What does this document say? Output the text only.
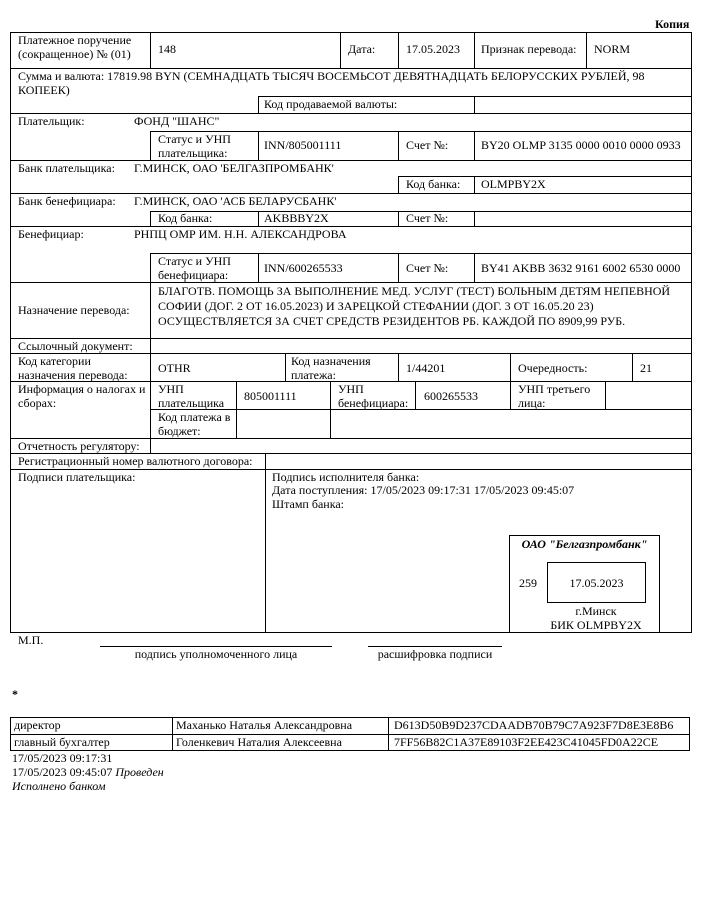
Копия
Платежное поручение (сокращенное) № (01)	148	Дата:	17.05.2023 Признак перевода: NORM
Сумма и валюта: 17819.98 BYN (СЕМНАДЦАТЬ ТЫСЯЧ ВОСЕМЬСОТ ДЕВЯТНАДЦАТЬ БЕЛОРУССКИХ РУБЛЕЙ, 98 КОПЕЕК)
Код продаваемой валюты:
Плательщик:	ФОНД "ШАНС"
Статус и УНП плательщика:
INN/805001111	Счет №:	BY20 OLMP 3135 0000 0010 0000 0933
Банк плательщика: Г.МИНСК, ОАО 'БЕЛГАЗПРОМБАНК'
Код банка: OLMPBY2X
Банк бенефициара: Г.МИНСК, ОАО 'АСБ БЕЛАРУСБАНК'
Код банка:	AKBBBY2X	Счет №:
Бенефициар:	РНПЦ ОМР ИМ. Н.Н. АЛЕКСАНДРОВА
Статус и УНП бенефициара:	INN/600265533	Счет №:	BY41 AKBB 3632 9161 6002 6530 0000
Назначение перевода:
БЛАГОТВ. ПОМОЩЬ ЗА ВЫПОЛНЕНИЕ МЕД. УСЛУГ (ТЕСТ) БОЛЬНЫМ ДЕТЯМ НЕПЕВНОЙ СОФИИ (ДОГ. 2 ОТ 16.05.2023) И ЗАРЕЦКОЙ СТЕФАНИИ (ДОГ. 3 ОТ 16.05.20 23) ОСУЩЕСТВЛЯЕТСЯ ЗА СЧЕТ СРЕДСТВ РЕЗИДЕНТОВ РБ. КАЖДОЙ ПО 8909,99 РУБ.
Ссылочный документ:
Код категории назначения перевода:	OTHR	Код назначения платежа:	1/44201	Очередность:	21
Информация о налогах и сборах:
УНП плательщика	805001111	УНП бенефициара:	600265533	УНП третьего лица:
Код платежа в бюджет:
Отчетность регулятору:
Регистрационный номер валютного договора:
Подписи плательщика:	Подпись исполнителя банка:
Дата поступления: 17/05/2023 09:17:31 17/05/2023 09:45:07
Штамп банка:
ОАО "Белгазпромбанк"
259	17.05.2023
г.Минск
БИК OLMPBY2X
М.П.
подпись уполномоченного лица	расшифровка подписи
*
директор	Маханько Наталья Александровна	D613D50B9D237CDAADB70B79C7A923F7D8E3E8B6
главный бухгалтер	Голенкевич Наталия Алексеевна	7FF56B82C1A37E89103F2EE423C41045FD0A22CE
17/05/2023 09:17:31
17/05/2023 09:45:07 Проведен
Исполнено банком
